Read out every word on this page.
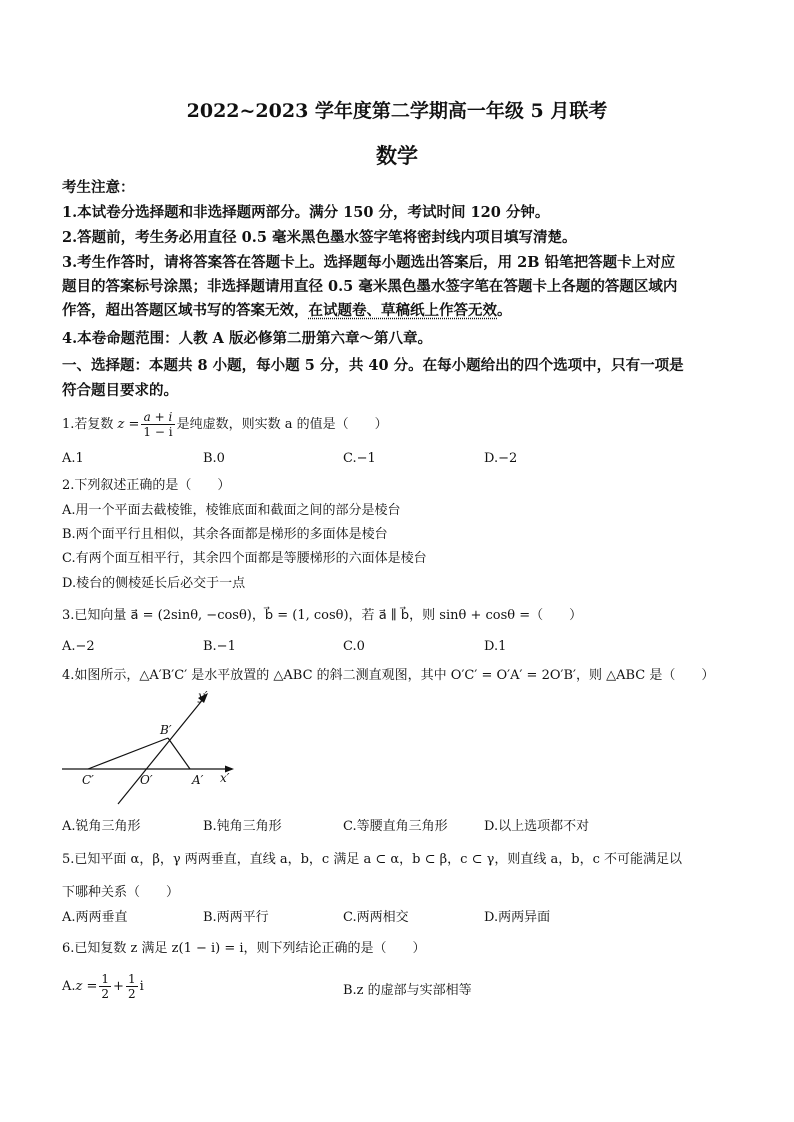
2022~2023 学年度第二学期高一年级 5 月联考
数学
考生注意：
1.本试卷分选择题和非选择题两部分。满分 150 分，考试时间 120 分钟。
2.答题前，考生务必用直径 0.5 毫米黑色墨水签字笔将密封线内项目填写清楚。
3.考生作答时，请将答案答在答题卡上。选择题每小题选出答案后，用 2B 铅笔把答题卡上对应
题目的答案标号涂黑；非选择题请用直径 0.5 毫米黑色墨水签字笔在答题卡上各题的答题区域内
作答，超出答题区域书写的答案无效，在试题卷、草稿纸上作答无效。
4.本卷命题范围：人教 A 版必修第二册第六章～第八章。
一、选择题：本题共 8 小题，每小题 5 分，共 40 分。在每小题给出的四个选项中，只有一项是
符合题目要求的。
1.若复数 $z = \frac{a + i}{1 - i}$ 是纯虚数，则实数 a 的值是（　　）
A.1	B.0	C.−1	D.−2
2.下列叙述正确的是（　　）
A.用一个平面去截棱锥，棱锥底面和截面之间的部分是棱台
B.两个面平行且相似，其余各面都是梯形的多面体是棱台
C.有两个面互相平行，其余四个面都是等腰梯形的六面体是棱台
D.棱台的侧棱延长后必交于一点
3.已知向量 a⃗ = (2sinθ, −cosθ)，b⃗ = (1, cosθ)，若 a⃗ ∥ b⃗，则 sinθ + cosθ =（　　）
A.−2	B.−1	C.0	D.1
4.如图所示，△A′B′C′ 是水平放置的 △ABC 的斜二测直观图，其中 O′C′ = O′A′ = 2O′B′，则 △ABC 是（　　）
y′
x′
B′
C′	O′	A′
A.锐角三角形	B.钝角三角形	C.等腰直角三角形	D.以上选项都不对
5.已知平面 α，β，γ 两两垂直，直线 a，b，c 满足 a ⊂ α，b ⊂ β，c ⊂ γ，则直线 a，b，c 不可能满足以
下哪种关系（　　）
A.两两垂直	B.两两平行	C.两两相交	D.两两异面
6.已知复数 z 满足 z(1 − i) = i，则下列结论正确的是（　　）
$A.z = \frac{1}{2} + \frac{1}{2}$ i	B.z 的虚部与实部相等
